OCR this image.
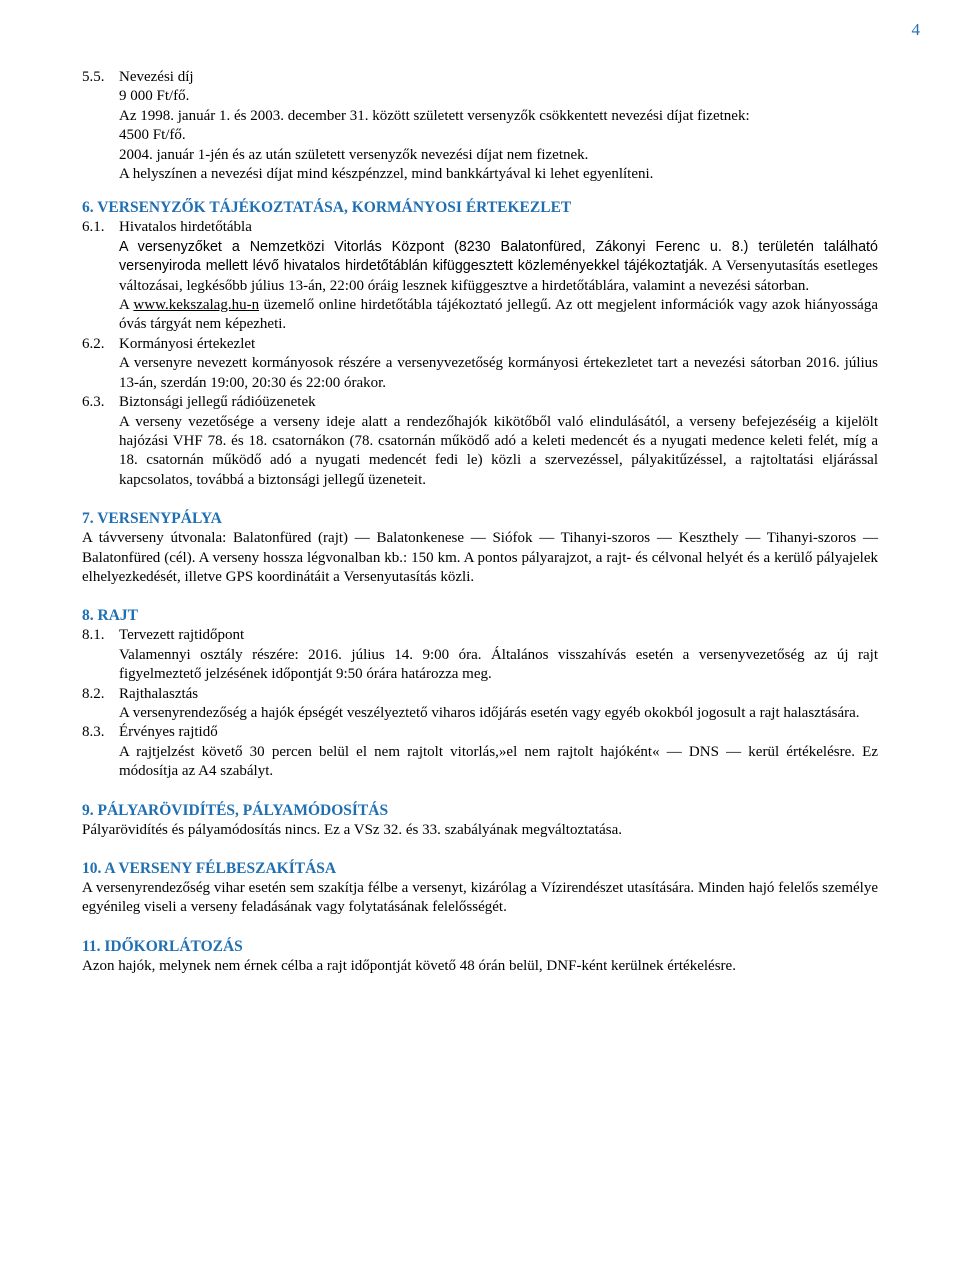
4
5.5. Nevezési díj
9 000 Ft/fő.
Az 1998. január 1. és 2003. december 31. között született versenyzők csökkentett nevezési díjat fizetnek:
4500 Ft/fő.
2004. január 1-jén és az után született versenyzők nevezési díjat nem fizetnek.
A helyszínen a nevezési díjat mind készpénzzel, mind bankkártyával ki lehet egyenlíteni.
6. VERSENYZŐK TÁJÉKOZTATÁSA, KORMÁNYOSI ÉRTEKEZLET
6.1. Hivatalos hirdetőtábla
A versenyzőket a Nemzetközi Vitorlás Központ (8230 Balatonfüred, Zákonyi Ferenc u. 8.) területén található versenyiroda mellett lévő hivatalos hirdetőtáblán kifüggesztett közleményekkel tájékoztatják. A Versenyutasítás esetleges változásai, legkésőbb július 13-án, 22:00 óráig lesznek kifüggesztve a hirdetőtáblára, valamint a nevezési sátorban.
A www.kekszalag.hu-n üzemelő online hirdetőtábla tájékoztató jellegű. Az ott megjelent információk vagy azok hiányossága óvás tárgyát nem képezheti.
6.2. Kormányosi értekezlet
A versenyre nevezett kormányosok részére a versenyvezetőség kormányosi értekezletet tart a nevezési sátorban 2016. július 13-án, szerdán 19:00, 20:30 és 22:00 órakor.
6.3. Biztonsági jellegű rádióüzenetek
A verseny vezetősége a verseny ideje alatt a rendezőhajók kikötőből való elindulásától, a verseny befejezéséig a kijelölt hajózási VHF 78. és 18. csatornákon (78. csatornán működő adó a keleti medencét és a nyugati medence keleti felét, míg a 18. csatornán működő adó a nyugati medencét fedi le) közli a szervezéssel, pályakitűzéssel, a rajtoltatási eljárással kapcsolatos, továbbá a biztonsági jellegű üzeneteit.
7. VERSENYPÁLYA
A távverseny útvonala: Balatonfüred (rajt) ― Balatonkenese ― Siófok ― Tihanyi-szoros ― Keszthely ― Tihanyi-szoros ― Balatonfüred (cél). A verseny hossza légvonalban kb.: 150 km. A pontos pályarajzot, a rajt- és célvonal helyét és a kerülő pályajelek elhelyezkedését, illetve GPS koordinátáit a Versenyutasítás közli.
8. RAJT
8.1. Tervezett rajtidőpont
Valamennyi osztály részére: 2016. július 14. 9:00 óra. Általános visszahívás esetén a versenyvezetőség az új rajt figyelmeztető jelzésének időpontját 9:50 órára határozza meg.
8.2. Rajthalasztás
A versenyrendezőség a hajók épségét veszélyeztető viharos időjárás esetén vagy egyéb okokból jogosult a rajt halasztására.
8.3. Érvényes rajtidő
A rajtjelzést követő 30 percen belül el nem rajtolt vitorlás,»el nem rajtolt hajóként« ― DNS ― kerül értékelésre. Ez módosítja az A4 szabályt.
9. PÁLYARÖVIDÍTÉS, PÁLYAMÓDOSÍTÁS
Pályarövidítés és pályamódosítás nincs. Ez a VSz 32. és 33. szabályának megváltoztatása.
10. A VERSENY FÉLBESZAKÍTÁSA
A versenyrendezőség vihar esetén sem szakítja félbe a versenyt, kizárólag a Vízirendészet utasítására. Minden hajó felelős személye egyénileg viseli a verseny feladásának vagy folytatásának felelősségét.
11. IDŐKORLÁTOZÁS
Azon hajók, melynek nem érnek célba a rajt időpontját követő 48 órán belül, DNF-ként kerülnek értékelésre.
